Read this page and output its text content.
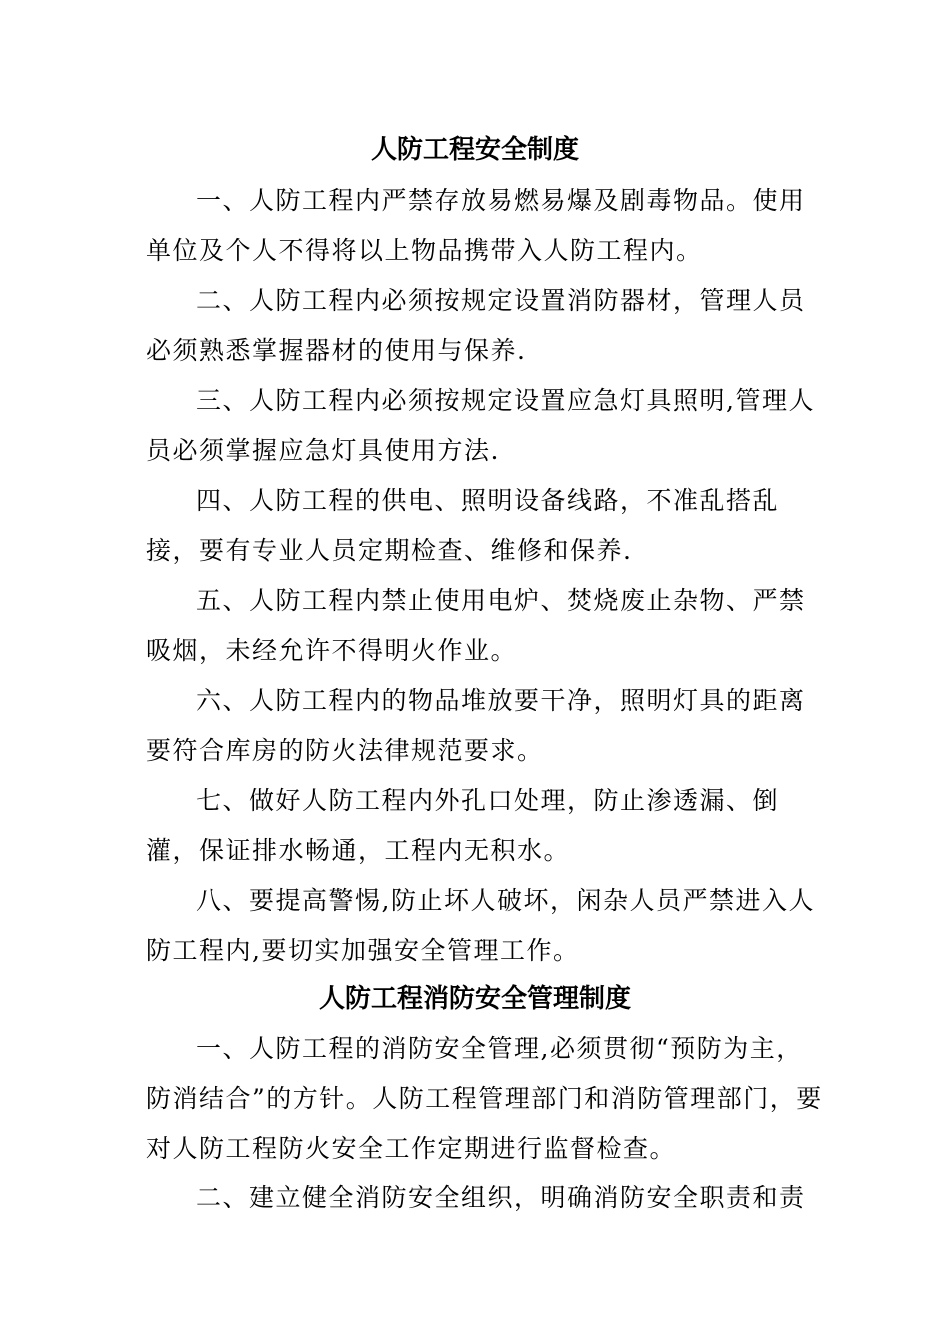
人防工程安全制度

一、人防工程内严禁存放易燃易爆及剧毒物品。使用单位及个人不得将以上物品携带入人防工程内。

二、人防工程内必须按规定设置消防器材，管理人员必须熟悉掌握器材的使用与保养.

三、人防工程内必须按规定设置应急灯具照明,管理人员必须掌握应急灯具使用方法.

四、人防工程的供电、照明设备线路，不准乱搭乱接，要有专业人员定期检查、维修和保养.

五、人防工程内禁止使用电炉、焚烧废止杂物、严禁吸烟，未经允许不得明火作业。

六、人防工程内的物品堆放要干净，照明灯具的距离要符合库房的防火法律规范要求。

七、做好人防工程内外孔口处理，防止渗透漏、倒灌，保证排水畅通，工程内无积水。

八、要提高警惕,防止坏人破坏，闲杂人员严禁进入人防工程内,要切实加强安全管理工作。

人防工程消防安全管理制度

一、人防工程的消防安全管理,必须贯彻“预防为主，防消结合”的方针。人防工程管理部门和消防管理部门，要对人防工程防火安全工作定期进行监督检查。

二、建立健全消防安全组织，明确消防安全职责和责
